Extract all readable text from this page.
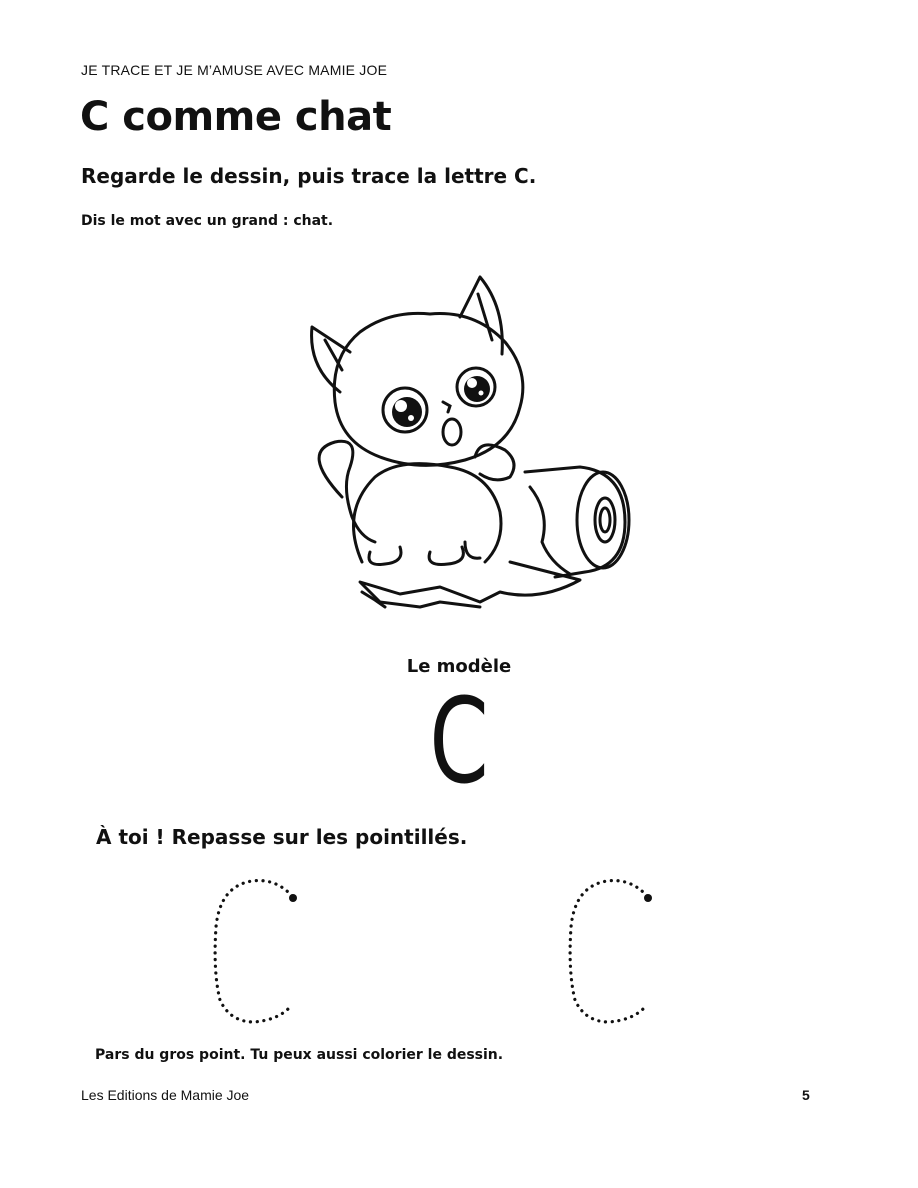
JE TRACE ET JE M’AMUSE AVEC MAMIE JOE
C comme chat
Regarde le dessin, puis trace la lettre C.
Dis le mot avec un grand : chat.
Le modèle
C
À toi ! Repasse sur les pointillés.
Pars du gros point. Tu peux aussi colorier le dessin.
Les Editions de Mamie Joe	5
